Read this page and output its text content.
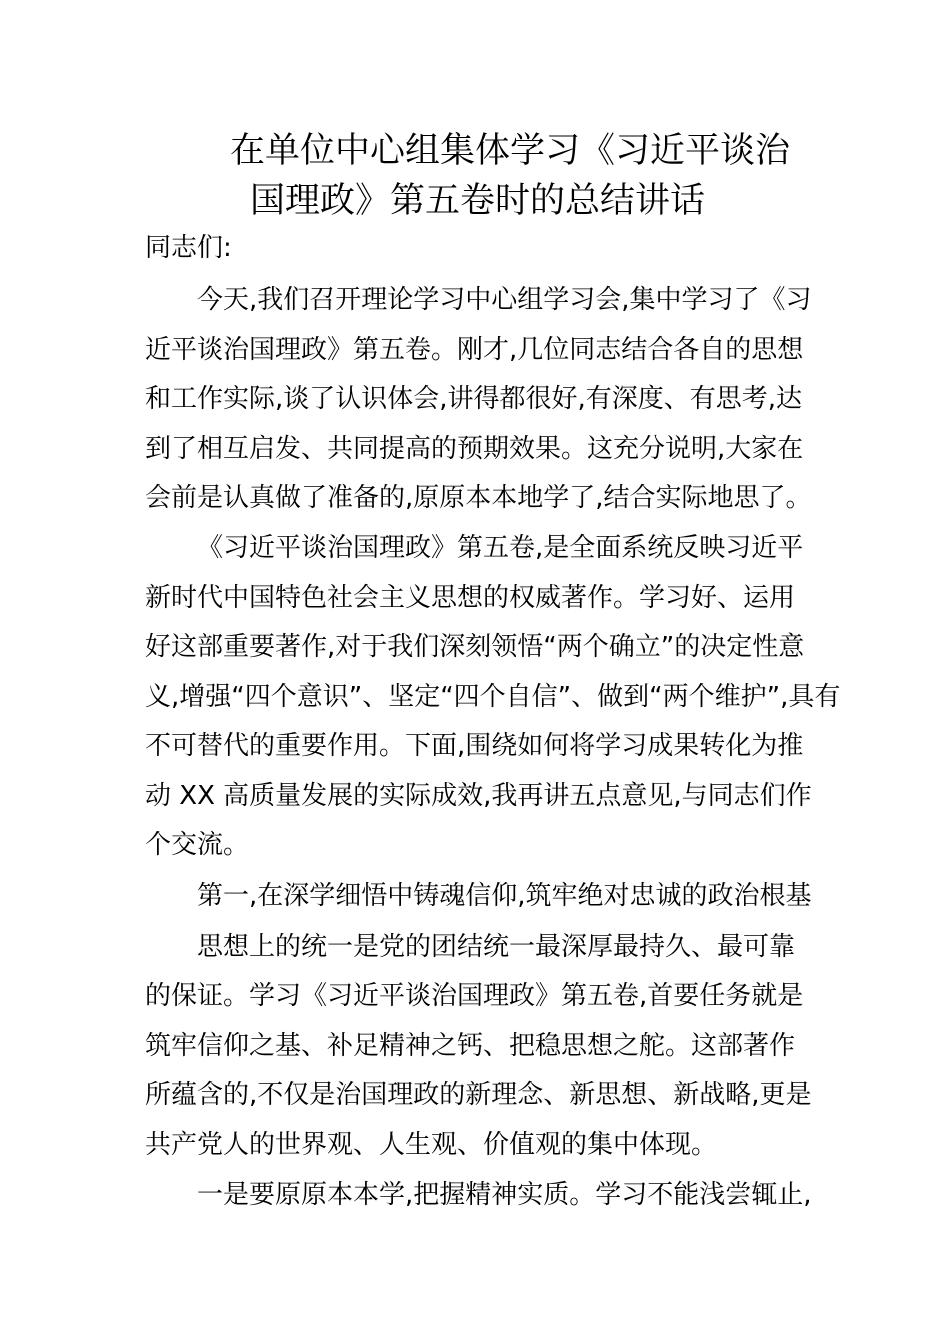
在单位中心组集体学习《习近平谈治
国理政》第五卷时的总结讲话

同志们:

今天,我们召开理论学习中心组学习会,集中学习了《习

近平谈治国理政》第五卷。刚才,几位同志结合各自的思想

和工作实际,谈了认识体会,讲得都很好,有深度、有思考,达

到了相互启发、共同提高的预期效果。这充分说明,大家在

会前是认真做了准备的,原原本本地学了,结合实际地思了。

《习近平谈治国理政》第五卷,是全面系统反映习近平

新时代中国特色社会主义思想的权威著作。学习好、运用

好这部重要著作,对于我们深刻领悟“两个确立”的决定性意

义,增强“四个意识”、坚定“四个自信”、做到“两个维护”,具有

不可替代的重要作用。下面,围绕如何将学习成果转化为推

动 XX 高质量发展的实际成效,我再讲五点意见,与同志们作

个交流。

第一,在深学细悟中铸魂信仰,筑牢绝对忠诚的政治根基

思想上的统一是党的团结统一最深厚最持久、最可靠

的保证。学习《习近平谈治国理政》第五卷,首要任务就是

筑牢信仰之基、补足精神之钙、把稳思想之舵。这部著作

所蕴含的,不仅是治国理政的新理念、新思想、新战略,更是

共产党人的世界观、人生观、价值观的集中体现。

一是要原原本本学,把握精神实质。学习不能浅尝辄止,
